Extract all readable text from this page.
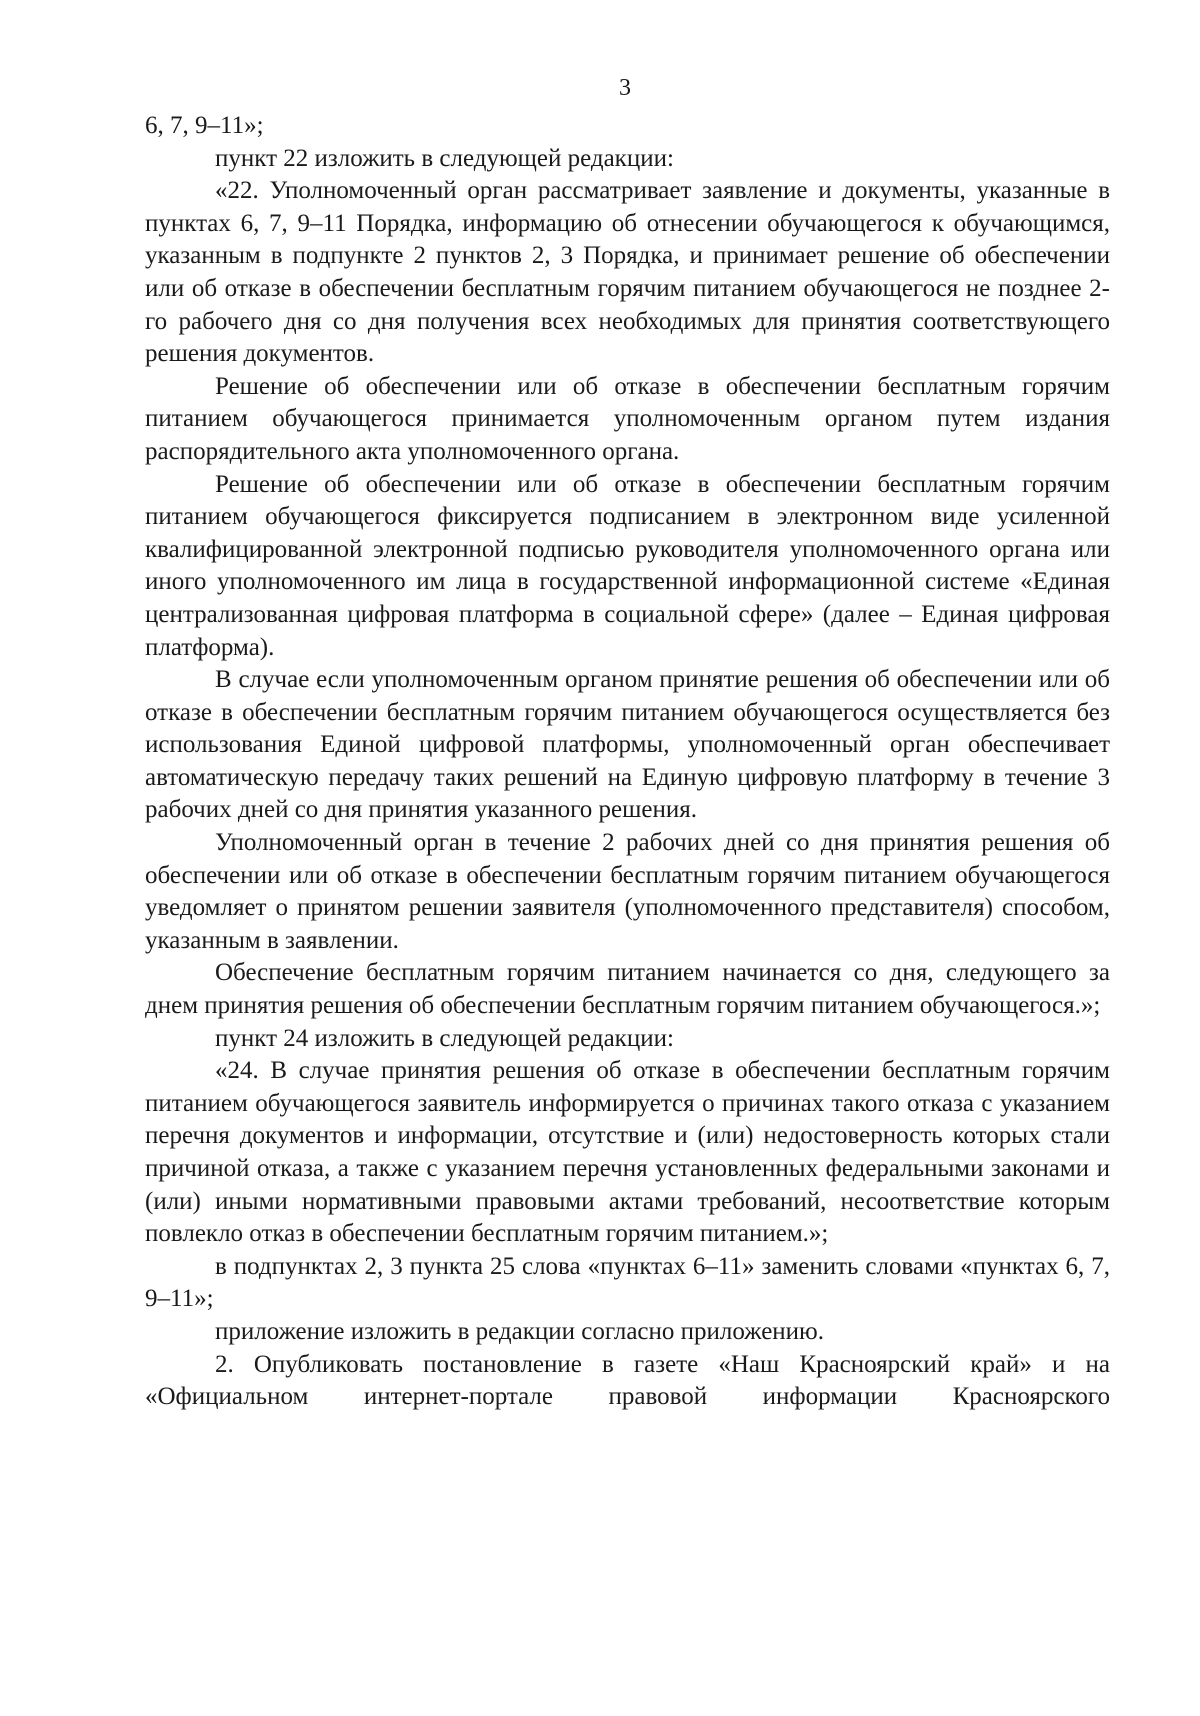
3

6, 7, 9–11»;

пункт 22 изложить в следующей редакции:

«22. Уполномоченный орган рассматривает заявление и документы, указанные в пунктах 6, 7, 9–11 Порядка, информацию об отнесении обучающегося к обучающимся, указанным в подпункте 2 пунктов 2, 3 Порядка, и принимает решение об обеспечении или об отказе в обеспечении бесплатным горячим питанием обучающегося не позднее 2-го рабочего дня со дня получения всех необходимых для принятия соответствующего решения документов.

Решение об обеспечении или об отказе в обеспечении бесплатным горячим питанием обучающегося принимается уполномоченным органом путем издания распорядительного акта уполномоченного органа.

Решение об обеспечении или об отказе в обеспечении бесплатным горячим питанием обучающегося фиксируется подписанием в электронном виде усиленной квалифицированной электронной подписью руководителя уполномоченного органа или иного уполномоченного им лица в государственной информационной системе «Единая централизованная цифровая платформа в социальной сфере» (далее – Единая цифровая платформа).

В случае если уполномоченным органом принятие решения об обеспечении или об отказе в обеспечении бесплатным горячим питанием обучающегося осуществляется без использования Единой цифровой платформы, уполномоченный орган обеспечивает автоматическую передачу таких решений на Единую цифровую платформу в течение 3 рабочих дней со дня принятия указанного решения.

Уполномоченный орган в течение 2 рабочих дней со дня принятия решения об обеспечении или об отказе в обеспечении бесплатным горячим питанием обучающегося уведомляет о принятом решении заявителя (уполномоченного представителя) способом, указанным в заявлении.

Обеспечение бесплатным горячим питанием начинается со дня, следующего за днем принятия решения об обеспечении бесплатным горячим питанием обучающегося.»;

пункт 24 изложить в следующей редакции:

«24. В случае принятия решения об отказе в обеспечении бесплатным горячим питанием обучающегося заявитель информируется о причинах такого отказа с указанием перечня документов и информации, отсутствие и (или) недостоверность которых стали причиной отказа, а также с указанием перечня установленных федеральными законами и (или) иными нормативными правовыми актами требований, несоответствие которым повлекло отказ в обеспечении бесплатным горячим питанием.»;

в подпунктах 2, 3 пункта 25 слова «пунктах 6–11» заменить словами «пунктах 6, 7, 9–11»;

приложение изложить в редакции согласно приложению.

2. Опубликовать постановление в газете «Наш Красноярский край» и на «Официальном интернет-портале правовой информации Красноярского
